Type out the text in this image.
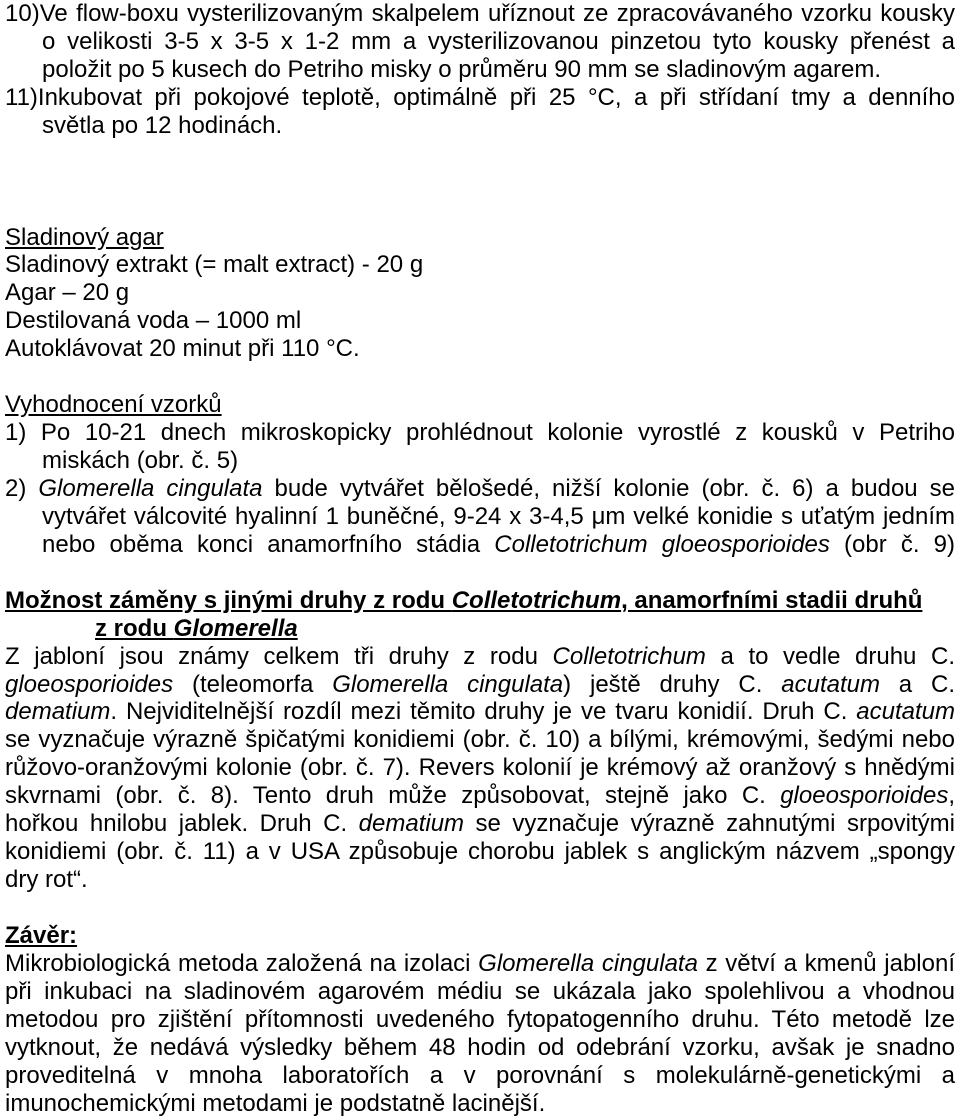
10)Ve flow-boxu vysterilizovaným skalpelem uříznout ze zpracovávaného vzorku kousky
o velikosti 3-5 x 3-5 x 1-2 mm a vysterilizovanou pinzetou tyto kousky přenést a
položit po 5 kusech do Petriho misky o průměru 90 mm se sladinovým agarem.
11)Inkubovat při pokojové teplotě, optimálně při 25 °C, a při střídaní tmy a denního
světla po 12 hodinách.
Sladinový agar
Sladinový extrakt (= malt extract) - 20 g
Agar – 20 g
Destilovaná voda – 1000 ml
Autoklávovat 20 minut při 110 °C.
Vyhodnocení vzorků
1) Po 10-21 dnech mikroskopicky prohlédnout kolonie vyrostlé z kousků v Petriho
miskách (obr. č. 5)
2) Glomerella cingulata bude vytvářet bělošedé, nižší kolonie (obr. č. 6) a budou se
vytvářet válcovité hyalinní 1 buněčné, 9-24 x 3-4,5 μm velké konidie s uťatým jedním
nebo oběma konci anamorfního stádia Colletotrichum gloeosporioides (obr č. 9)
Možnost záměny s jinými druhy z rodu Colletotrichum, anamorfními stadii druhů
z rodu Glomerella
Z jabloní jsou známy celkem tři druhy z rodu Colletotrichum a to vedle druhu C.
gloeosporioides (teleomorfa Glomerella cingulata) ještě druhy C. acutatum a C.
dematium. Nejviditelnější rozdíl mezi těmito druhy je ve tvaru konidií. Druh C. acutatum
se vyznačuje výrazně špičatými konidiemi (obr. č. 10) a bílými, krémovými, šedými nebo
růžovo-oranžovými kolonie (obr. č. 7). Revers kolonií je krémový až oranžový s hnědými
skvrnami (obr. č. 8). Tento druh může způsobovat, stejně jako C. gloeosporioides,
hořkou hnilobu jablek. Druh C. dematium se vyznačuje výrazně zahnutými srpovitými
konidiemi (obr. č. 11) a v USA způsobuje chorobu jablek s anglickým názvem „spongy
dry rot“.
Závěr:
Mikrobiologická metoda založená na izolaci Glomerella cingulata z větví a kmenů jabloní
při inkubaci na sladinovém agarovém médiu se ukázala jako spolehlivou a vhodnou
metodou pro zjištění přítomnosti uvedeného fytopatogenního druhu. Této metodě lze
vytknout, že nedává výsledky během 48 hodin od odebrání vzorku, avšak je snadno
proveditelná v mnoha laboratořích a v porovnání s molekulárně-genetickými a
imunochemickými metodami je podstatně lacinější.
